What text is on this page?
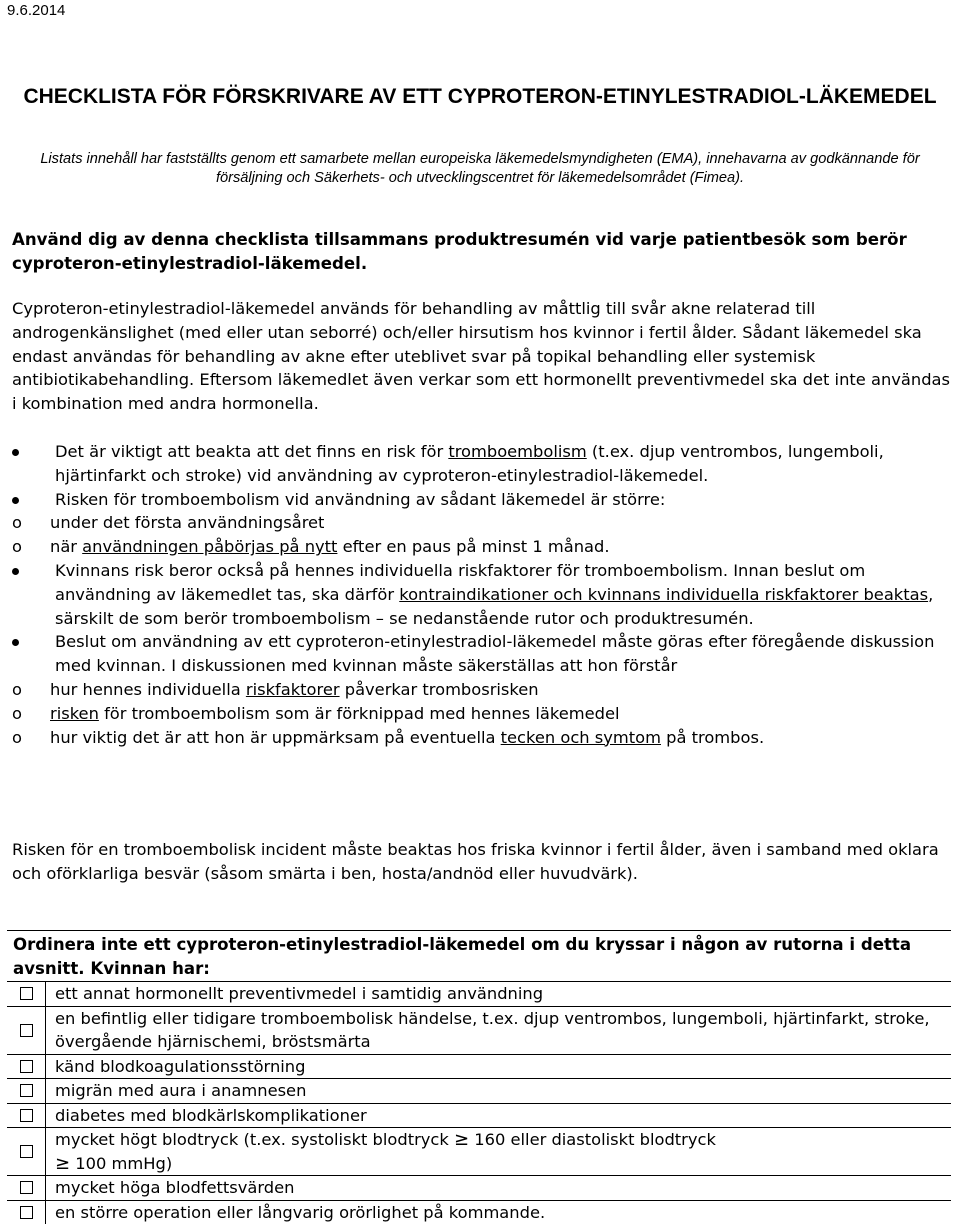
9.6.2014
CHECKLISTA FÖR FÖRSKRIVARE AV ETT CYPROTERON-ETINYLESTRADIOL-LÄKEMEDEL
Listats innehåll har fastställts genom ett samarbete mellan europeiska läkemedelsmyndigheten (EMA), innehavarna av godkännande för försäljning och Säkerhets- och utvecklingscentret för läkemedelsområdet (Fimea).
Använd dig av denna checklista tillsammans produktresumén vid varje patientbesök som berör cyproteron-etinylestradiol-läkemedel.
Cyproteron-etinylestradiol-läkemedel används för behandling av måttlig till svår akne relaterad till androgenkänslighet (med eller utan seborré) och/eller hirsutism hos kvinnor i fertil ålder. Sådant läkemedel ska endast användas för behandling av akne efter uteblivet svar på topikal behandling eller systemisk antibiotikabehandling. Eftersom läkemedlet även verkar som ett hormonellt preventivmedel ska det inte användas i kombination med andra hormonella.
Det är viktigt att beakta att det finns en risk för tromboembolism (t.ex. djup ventrombos, lungemboli, hjärtinfarkt och stroke) vid användning av cyproteron-etinylestradiol-läkemedel.
Risken för tromboembolism vid användning av sådant läkemedel är större:
o under det första användningsåret
o när användningen påbörjas på nytt efter en paus på minst 1 månad.
Kvinnans risk beror också på hennes individuella riskfaktorer för tromboembolism. Innan beslut om användning av läkemedlet tas, ska därför kontraindikationer och kvinnans individuella riskfaktorer beaktas, särskilt de som berör tromboembolism – se nedanstående rutor och produktresumén.
Beslut om användning av ett cyproteron-etinylestradiol-läkemedel måste göras efter föregående diskussion med kvinnan. I diskussionen med kvinnan måste säkerställas att hon förstår
o hur hennes individuella riskfaktorer påverkar trombosrisken
o risken för tromboembolism som är förknippad med hennes läkemedel
o hur viktig det är att hon är uppmärksam på eventuella tecken och symtom på trombos.
Risken för en tromboembolisk incident måste beaktas hos friska kvinnor i fertil ålder, även i samband med oklara och oförklarliga besvär (såsom smärta i ben, hosta/andnöd eller huvudvärk).
Ordinera inte ett cyproteron-etinylestradiol-läkemedel om du kryssar i någon av rutorna i detta avsnitt. Kvinnan har:
ett annat hormonellt preventivmedel i samtidig användning
en befintlig eller tidigare tromboembolisk händelse, t.ex. djup ventrombos, lungemboli, hjärtinfarkt, stroke, övergående hjärnischemi, bröstsmärta
känd blodkoagulationsstörning
migrän med aura i anamnesen
diabetes med blodkärlskomplikationer
mycket högt blodtryck (t.ex. systoliskt blodtryck ≥ 160 eller diastoliskt blodtryck
≥ 100 mmHg)
mycket höga blodfettsvärden
en större operation eller långvarig orörlighet på kommande.
